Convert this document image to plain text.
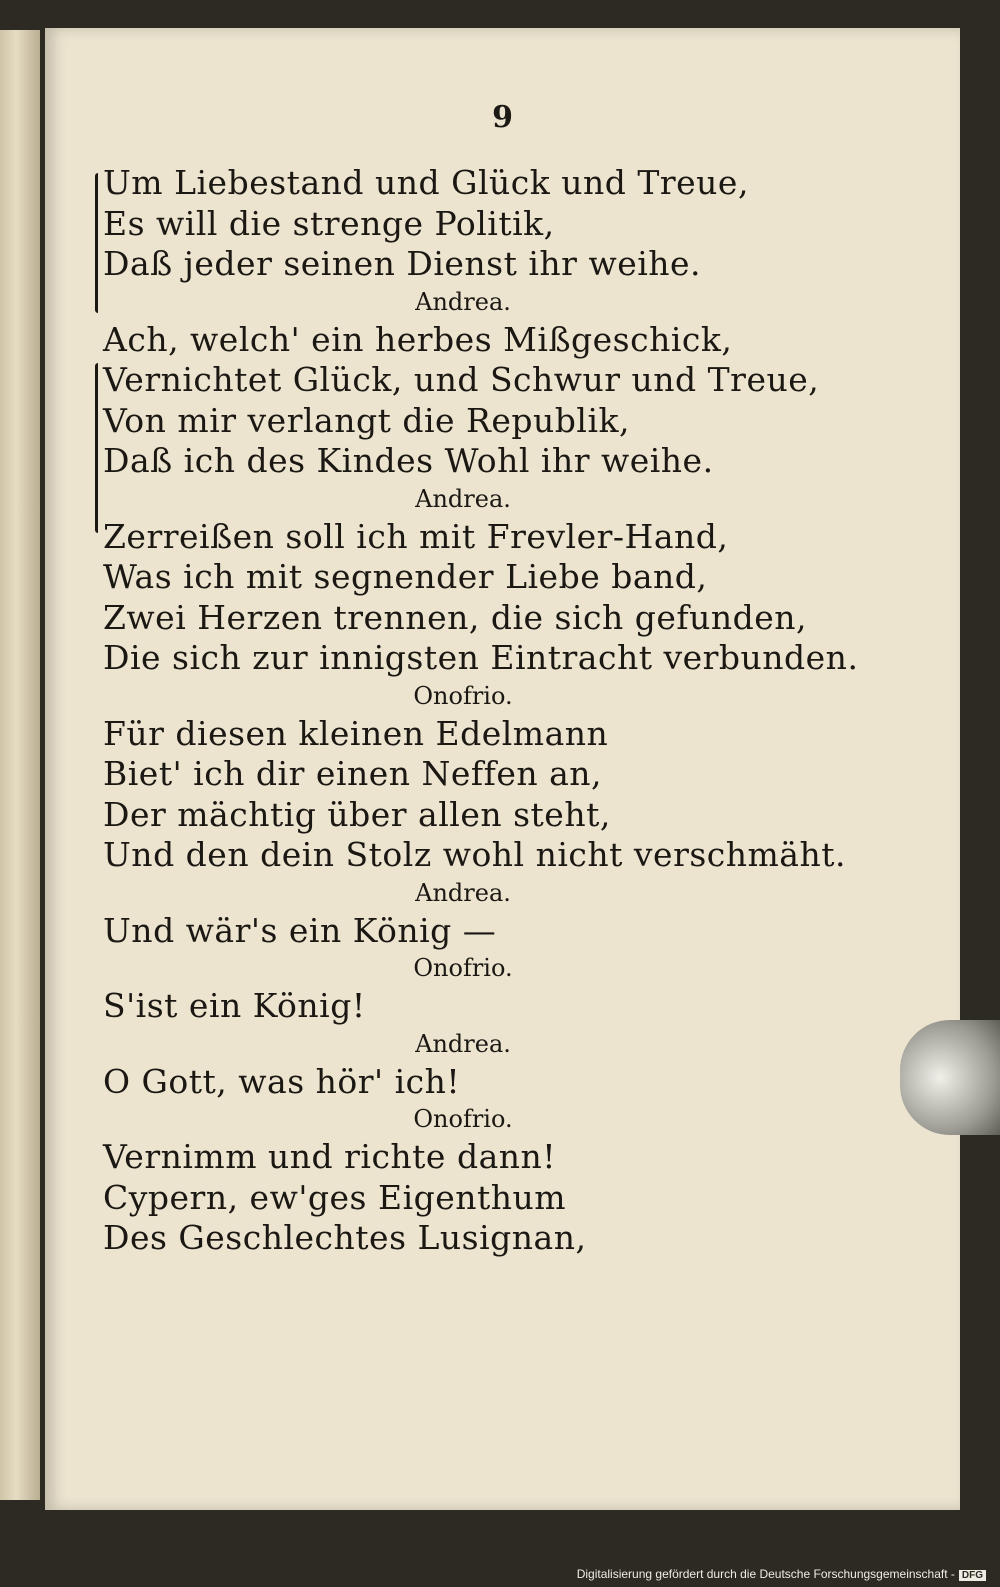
9
Um Liebestand und Glück und Treue,
Es will die strenge Politik,
Daß jeder seinen Dienst ihr weihe.
Andrea.
Ach, welch' ein herbes Mißgeschick,
Vernichtet Glück, und Schwur und Treue,
Von mir verlangt die Republik,
Daß ich des Kindes Wohl ihr weihe.
Andrea.
Zerreißen soll ich mit Frevler-Hand,
Was ich mit segnender Liebe band,
Zwei Herzen trennen, die sich gefunden,
Die sich zur innigsten Eintracht verbunden.
Onofrio.
Für diesen kleinen Edelmann
Biet' ich dir einen Neffen an,
Der mächtig über allen steht,
Und den dein Stolz wohl nicht verschmäht.
Andrea.
Und wär's ein König —
Onofrio.
S'ist ein König!
Andrea.
O Gott, was hör' ich!
Onofrio.
Vernimm und richte dann!
Cypern, ew'ges Eigenthum
Des Geschlechtes Lusignan,
Digitalisierung gefördert durch die Deutsche Forschungsgemeinschaft - DFG
